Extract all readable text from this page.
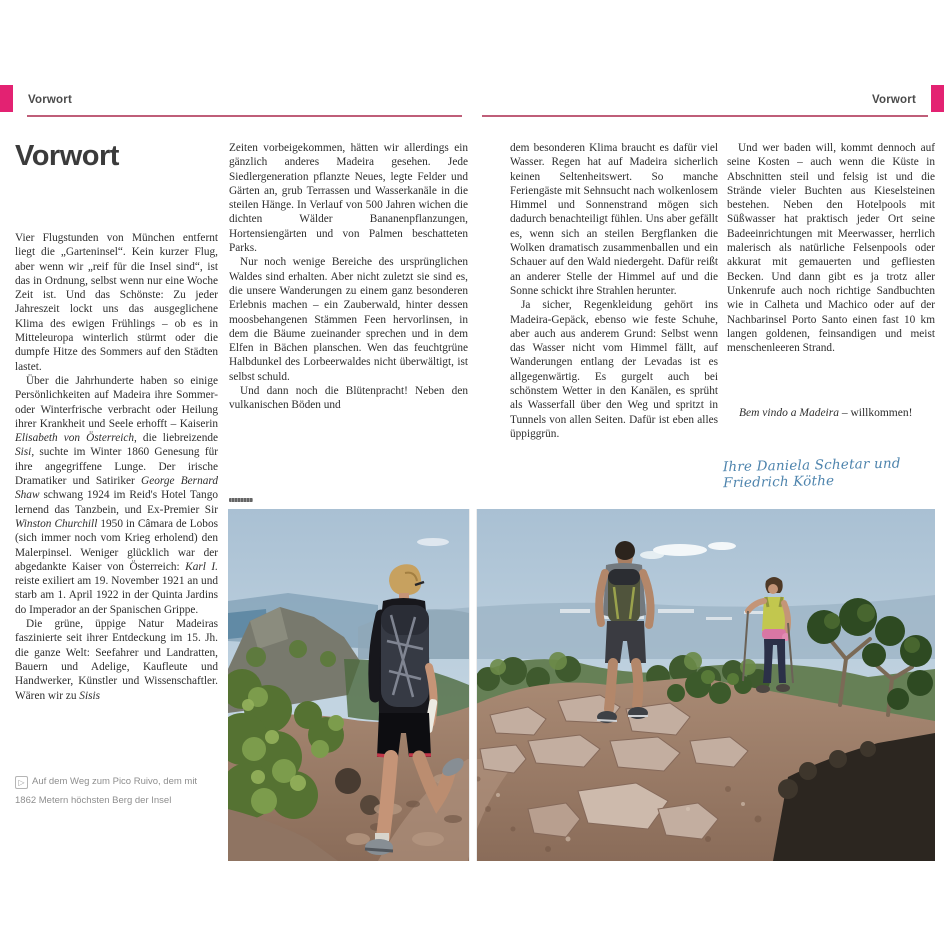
Vorwort	Vorwort
Vorwort

Vier Flugstunden von München entfernt liegt die „Garteninsel“. Kein kurzer Flug, aber wenn wir „reif für die Insel sind“, ist das in Ordnung, selbst wenn nur eine Woche Zeit ist. Und das Schönste: Zu jeder Jahreszeit lockt uns das ausgeglichene Klima des ewigen Frühlings – ob es in Mitteleuropa winterlich stürmt oder die dumpfe Hitze des Sommers auf den Städten lastet.

Über die Jahrhunderte haben so einige Persönlichkeiten auf Madeira ihre Sommer- oder Winterfrische verbracht oder Heilung ihrer Krankheit und Seele erhofft – Kaiserin Elisabeth von Österreich, die liebreizende Sisi, suchte im Winter 1860 Genesung für ihre angegriffene Lunge. Der irische Dramatiker und Satiriker George Bernard Shaw schwang 1924 im Reid's Hotel Tango lernend das Tanzbein, und Ex-Premier Sir Winston Churchill 1950 in Câmara de Lobos (sich immer noch vom Krieg erholend) den Malerpinsel. Weniger glücklich war der abgedankte Kaiser von Österreich: Karl I. reiste exiliert am 19. November 1921 an und starb am 1. April 1922 in der Quinta Jardins do Imperador an der Spanischen Grippe.

Die grüne, üppige Natur Madeiras faszinierte seit ihrer Entdeckung im 15. Jh. die ganze Welt: Seefahrer und Landratten, Bauern und Adelige, Kaufleute und Handwerker, Künstler und Wissenschaftler. Wären wir zu Sisis

Zeiten vorbeigekommen, hätten wir allerdings ein gänzlich anderes Madeira gesehen. Jede Siedlergeneration pflanzte Neues, legte Felder und Gärten an, grub Terrassen und Wasserkanäle in die steilen Hänge. In Verlauf von 500 Jahren wichen die dichten Wälder Bananenpflanzungen, Hortensiengärten und von Palmen beschatteten Parks.

Nur noch wenige Bereiche des ursprünglichen Waldes sind erhalten. Aber nicht zuletzt sie sind es, die unsere Wanderungen zu einem ganz besonderen Erlebnis machen – ein Zauberwald, hinter dessen moosbehangenen Stämmen Feen hervorlinsen, in dem die Bäume zueinander sprechen und in dem Elfen in Bächen planschen. Wen das feuchtgrüne Halbdunkel des Lorbeerwaldes nicht überwältigt, ist selbst schuld.

Und dann noch die Blütenpracht! Neben den vulkanischen Böden und

dem besonderen Klima braucht es dafür viel Wasser. Regen hat auf Madeira sicherlich keinen Seltenheitswert. So manche Feriengäste mit Sehnsucht nach wolkenlosem Himmel und Sonnenstrand mögen sich dadurch benachteiligt fühlen. Uns aber gefällt es, wenn sich an steilen Bergflanken die Wolken dramatisch zusammenballen und ein Schauer auf den Wald niedergeht. Dafür reißt an anderer Stelle der Himmel auf und die Sonne schickt ihre Strahlen herunter.

Ja sicher, Regenkleidung gehört ins Madeira-Gepäck, ebenso wie feste Schuhe, aber auch aus anderem Grund: Selbst wenn das Wasser nicht vom Himmel fällt, auf Wanderungen entlang der Levadas ist es allgegenwärtig. Es gurgelt auch bei schönstem Wetter in den Kanälen, es sprüht als Wasserfall über den Weg und spritzt in Tunnels von allen Seiten. Dafür ist eben alles üppiggrün.

Und wer baden will, kommt dennoch auf seine Kosten – auch wenn die Küste in Abschnitten steil und felsig ist und die Strände vieler Buchten aus Kieselsteinen bestehen. Neben den Hotelpools mit Süßwasser hat praktisch jeder Ort seine Badeeinrichtungen mit Meerwasser, herrlich malerisch als natürliche Felsenpools oder akkurat mit gemauerten und gefliesten Becken. Und dann gibt es ja trotz aller Unkenrufe auch noch richtige Sandbuchten wie in Calheta und Machico oder auf der Nachbarinsel Porto Santo einen fast 10 km langen goldenen, feinsandigen und meist menschenleeren Strand.

Bem vindo a Madeira – willkommen!
Ihre Daniela Schetar und Friedrich Köthe
▷ Auf dem Weg zum Pico Ruivo, dem mit 1862 Metern höchsten Berg der Insel
